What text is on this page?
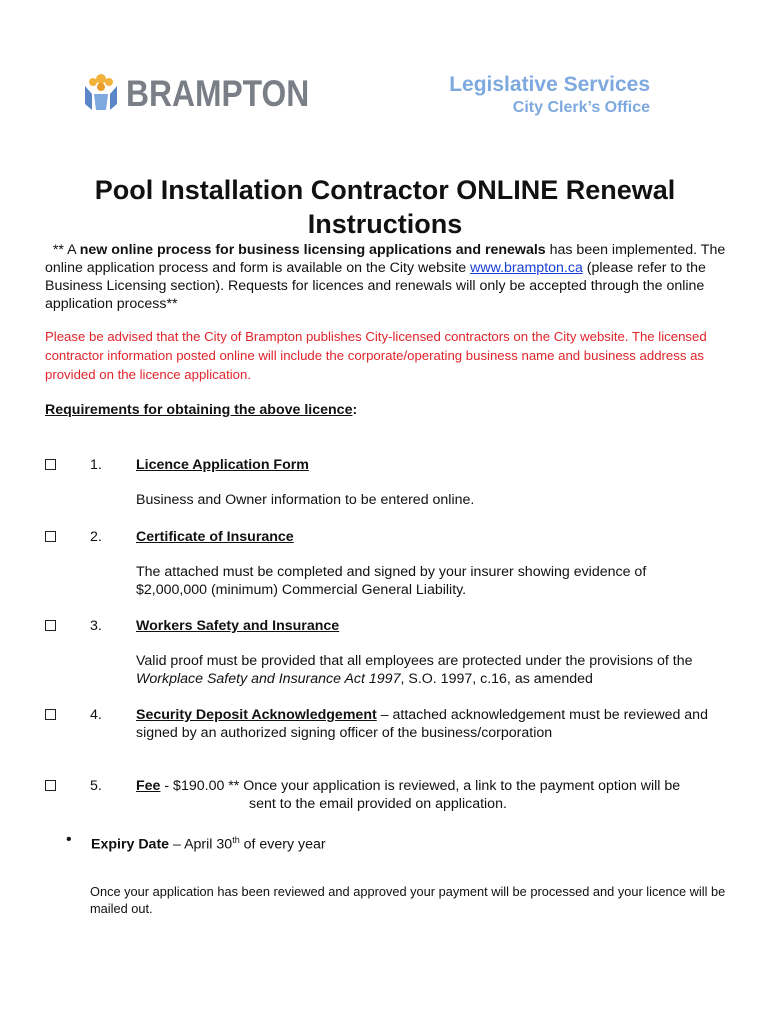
BRAMPTON	Legislative Services
City Clerk’s Office
Pool Installation Contractor ONLINE Renewal
Instructions
** A new online process for business licensing applications and renewals has been implemented. The online application process and form is available on the City website www.brampton.ca (please refer to the Business Licensing section). Requests for licences and renewals will only be accepted through the online application process**
Please be advised that the City of Brampton publishes City-licensed contractors on the City website. The licensed contractor information posted online will include the corporate/operating business name and business address as provided on the licence application.
Requirements for obtaining the above licence:
1. Licence Application Form
Business and Owner information to be entered online.
2. Certificate of Insurance
The attached must be completed and signed by your insurer showing evidence of $2,000,000 (minimum) Commercial General Liability.
3. Workers Safety and Insurance
Valid proof must be provided that all employees are protected under the provisions of the Workplace Safety and Insurance Act 1997, S.O. 1997, c.16, as amended
4. Security Deposit Acknowledgement – attached acknowledgement must be reviewed and signed by an authorized signing officer of the business/corporation
5. Fee - $190.00 ** Once your application is reviewed, a link to the payment option will be
sent to the email provided on application.
• Expiry Date – April 30th of every year
Once your application has been reviewed and approved your payment will be processed and your licence will be mailed out.
